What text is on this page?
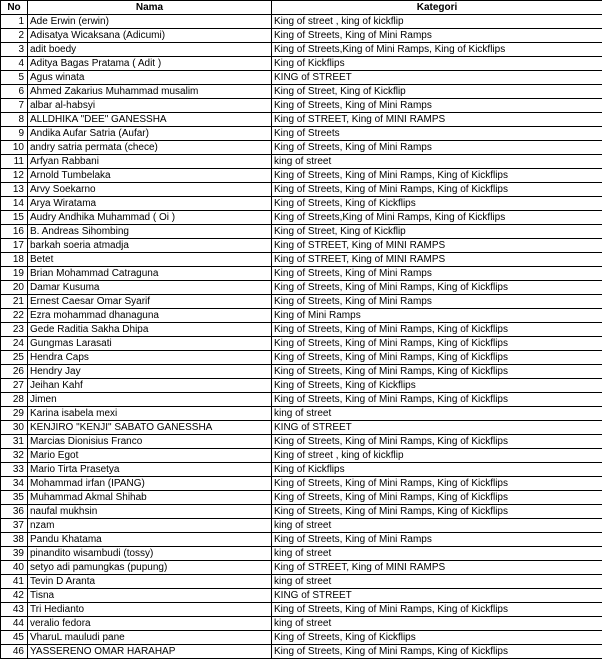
No	Nama	Kategori
1	Ade Erwin (erwin)	King of street , king of kickflip
2	Adisatya Wicaksana (Adicumi)	King of Streets, King of Mini Ramps
3	adit boedy	King of Streets,King of Mini Ramps, King of Kickflips
4	Aditya Bagas Pratama ( Adit )	King of Kickflips
5	Agus winata	KING of STREET
6	Ahmed Zakarius Muhammad musalim	King of Street, King of Kickflip
7	albar al-habsyi	King of Streets, King of Mini Ramps
8	ALLDHIKA "DEE" GANESSHA	King of STREET, King of MINI RAMPS
9	Andika Aufar Satria (Aufar)	King of Streets
10	andry satria permata (chece)	King of Streets, King of Mini Ramps
11	Arfyan Rabbani	king of street
12	Arnold Tumbelaka	King of Streets, King of Mini Ramps, King of Kickflips
13	Arvy Soekarno	King of Streets, King of Mini Ramps, King of Kickflips
14	Arya Wiratama	King of Streets, King of Kickflips
15	Audry Andhika Muhammad ( Oi )	King of Streets,King of Mini Ramps, King of Kickflips
16	B. Andreas Sihombing	King of Street, King of Kickflip
17	barkah soeria atmadja	King of STREET, King of MINI RAMPS
18	Betet	King of STREET, King of MINI RAMPS
19	Brian Mohammad Catraguna	King of Streets, King of Mini Ramps
20	Damar Kusuma	King of Streets, King of Mini Ramps, King of Kickflips
21	Ernest Caesar Omar Syarif	King of Streets, King of Mini Ramps
22	Ezra mohammad dhanaguna	King of Mini Ramps
23	Gede Raditia Sakha Dhipa	King of Streets, King of Mini Ramps, King of Kickflips
24	Gungmas Larasati	King of Streets, King of Mini Ramps, King of Kickflips
25	Hendra Caps	King of Streets, King of Mini Ramps, King of Kickflips
26	Hendry Jay	King of Streets, King of Mini Ramps, King of Kickflips
27	Jeihan Kahf	King of Streets, King of Kickflips
28	Jimen	King of Streets, King of Mini Ramps, King of Kickflips
29	Karina isabela mexi	king of street
30	KENJIRO "KENJI" SABATO GANESSHA	KING of STREET
31	Marcias Dionisius Franco	King of Streets, King of Mini Ramps, King of Kickflips
32	Mario Egot	King of street , king of kickflip
33	Mario Tirta Prasetya	King of Kickflips
34	Mohammad irfan (IPANG)	King of Streets, King of Mini Ramps, King of Kickflips
35	Muhammad Akmal Shihab	King of Streets, King of Mini Ramps, King of Kickflips
36	naufal mukhsin	King of Streets, King of Mini Ramps, King of Kickflips
37	nzam	king of street
38	Pandu Khatama	King of Streets, King of Mini Ramps
39	pinandito wisambudi (tossy)	king of street
40	setyo adi pamungkas (pupung)	King of STREET, King of MINI RAMPS
41	Tevin D Aranta	king of street
42	Tisna	KING of STREET
43	Tri Hedianto	King of Streets, King of Mini Ramps, King of Kickflips
44	veralio fedora	king of street
45	VharuL mauludi pane	King of Streets, King of Kickflips
46	YASSERENO OMAR HARAHAP	King of Streets, King of Mini Ramps, King of Kickflips
